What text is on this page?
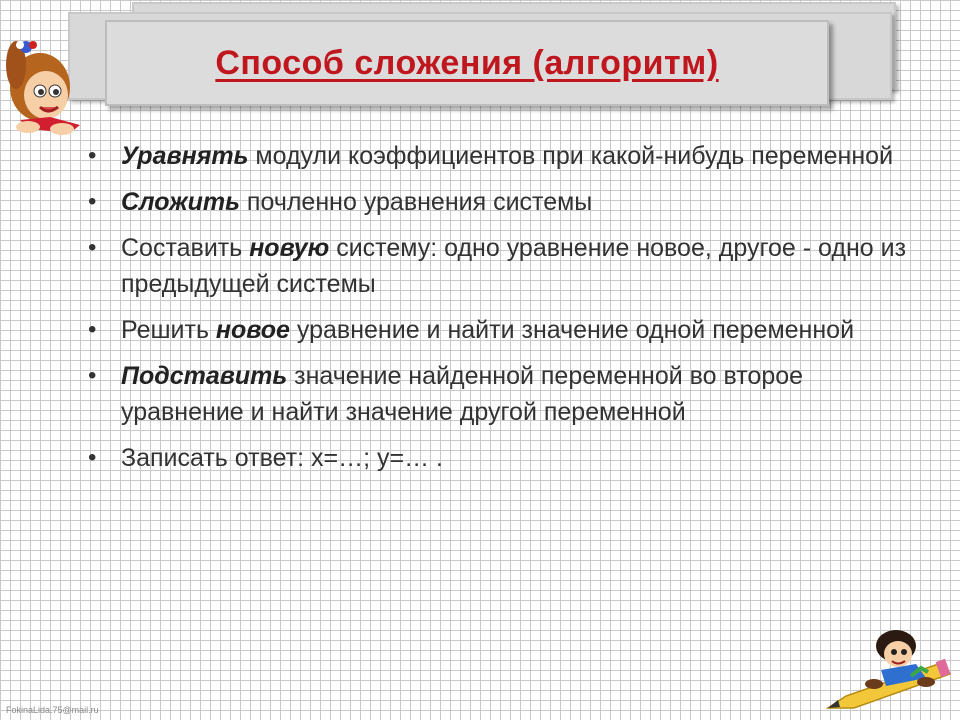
Способ сложения (алгоритм)
• Уравнять модули коэффициентов при какой-нибудь переменной
• Сложить почленно уравнения системы
• Составить новую систему: одно уравнение новое, другое - одно из предыдущей системы
• Решить новое уравнение и найти значение одной переменной
• Подставить значение найденной переменной во второе уравнение и найти значение другой переменной
• Записать ответ: х=…; у=… .
FokinaLida.75@mail.ru
